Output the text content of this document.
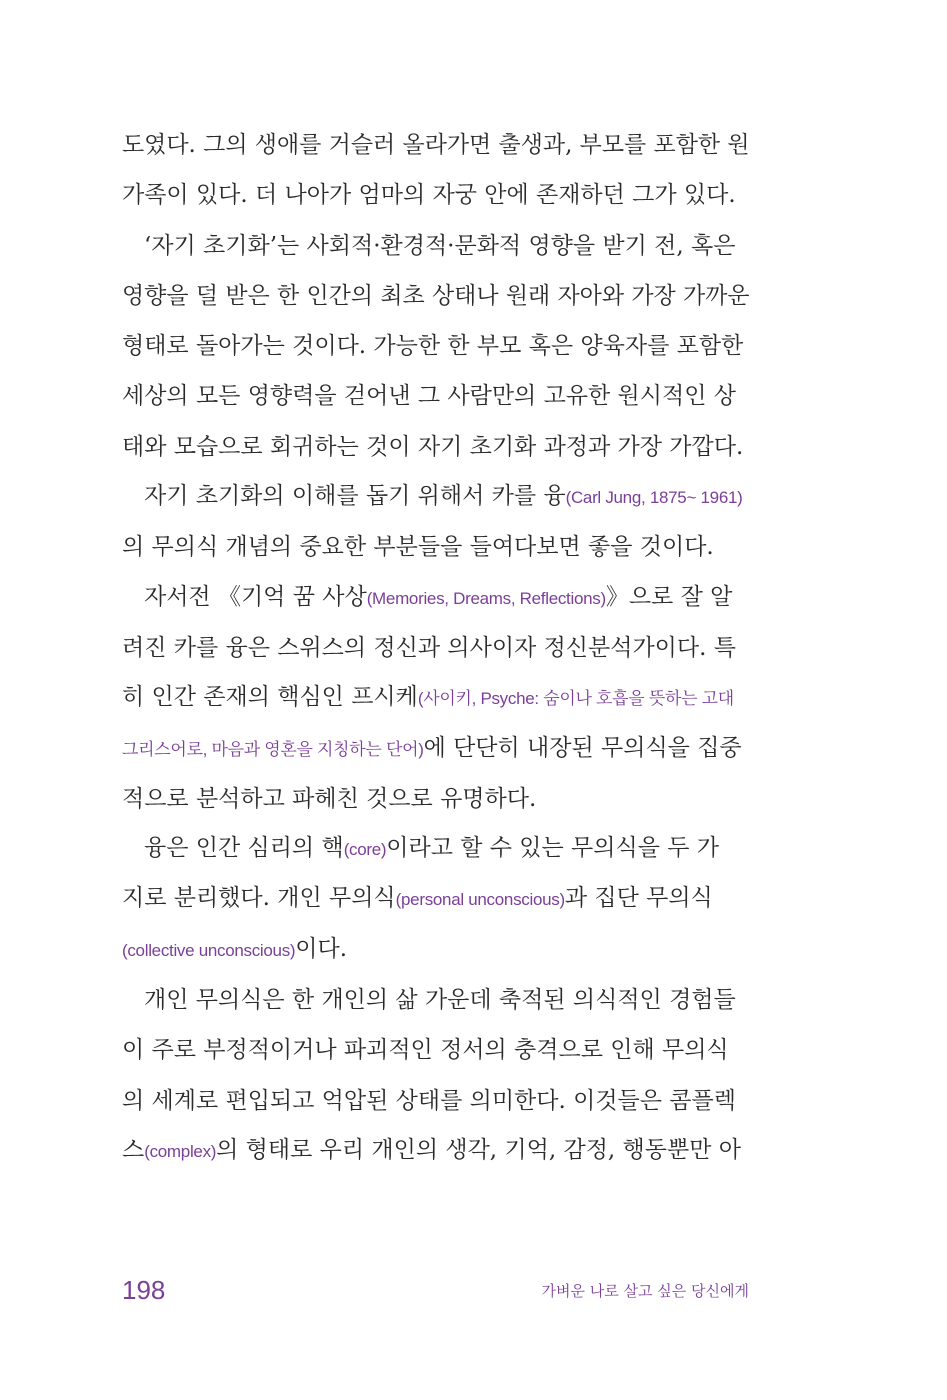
도였다. 그의 생애를 거슬러 올라가면 출생과, 부모를 포함한 원
가족이 있다. 더 나아가 엄마의 자궁 안에 존재하던 그가 있다.
‘자기 초기화’는 사회적·환경적·문화적 영향을 받기 전, 혹은
영향을 덜 받은 한 인간의 최초 상태나 원래 자아와 가장 가까운
형태로 돌아가는 것이다. 가능한 한 부모 혹은 양육자를 포함한
세상의 모든 영향력을 걷어낸 그 사람만의 고유한 원시적인 상
태와 모습으로 회귀하는 것이 자기 초기화 과정과 가장 가깝다.
자기 초기화의 이해를 돕기 위해서 카를 융 (Carl Jung, 1875~ 1961)
의 무의식 개념의 중요한 부분들을 들여다보면 좋을 것이다.
자서전 《기억 꿈 사상 (Memories, Dreams, Reflections) 》으로 잘 알
려진 카를 융은 스위스의 정신과 의사이자 정신분석가이다. 특
히 인간 존재의 핵심인 프시케 (사이키, Psyche: 숨이나 호흡을 뜻하는 고대
그리스어로, 마음과 영혼을 지칭하는 단어) 에 단단히 내장된 무의식을 집중
적으로 분석하고 파헤친 것으로 유명하다.
융은 인간 심리의 핵 (core) 이라고 할 수 있는 무의식을 두 가
지로 분리했다. 개인 무의식 (personal unconscious) 과 집단 무의식
(collective unconscious) 이다.
개인 무의식은 한 개인의 삶 가운데 축적된 의식적인 경험들
이 주로 부정적이거나 파괴적인 정서의 충격으로 인해 무의식
의 세계로 편입되고 억압된 상태를 의미한다. 이것들은 콤플렉
스 (complex) 의 형태로 우리 개인의 생각, 기억, 감정, 행동뿐만 아
198	가벼운 나로 살고 싶은 당신에게
